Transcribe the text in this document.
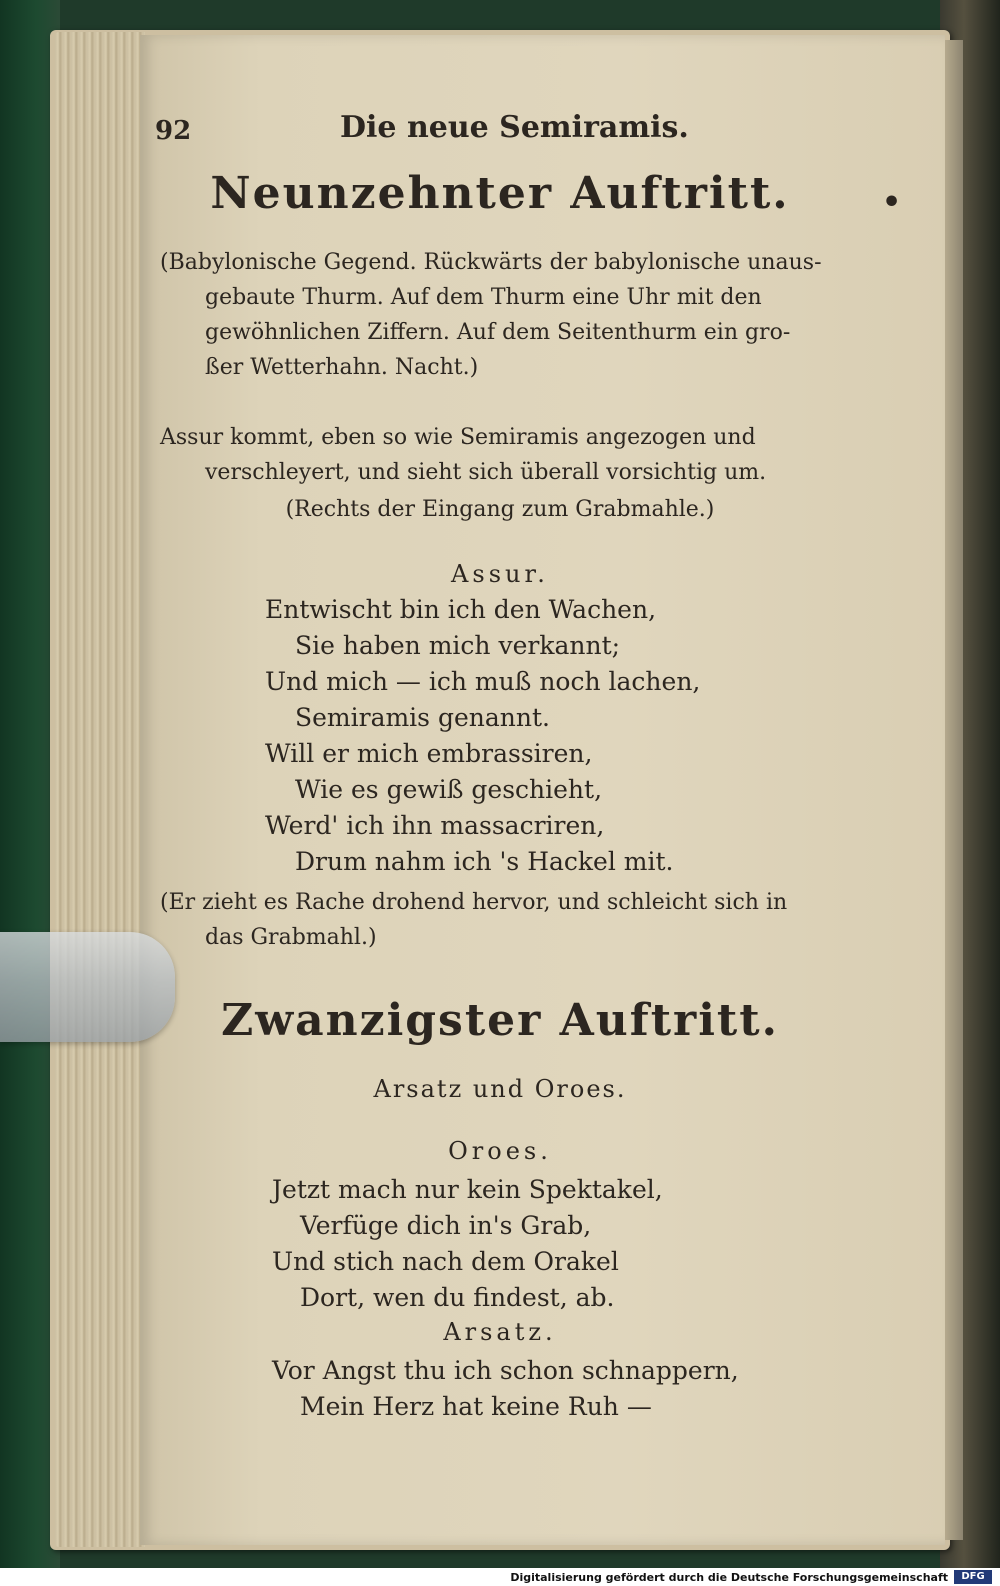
92	Die neue Semiramis.
Neunzehnter Auftritt.	•
(Babylonische Gegend. Rückwärts der babylonische unaus-
gebaute Thurm. Auf dem Thurm eine Uhr mit den
gewöhnlichen Ziffern. Auf dem Seitenthurm ein gro-
ßer Wetterhahn. Nacht.)
Assur kommt, eben so wie Semiramis angezogen und
verschleyert, und sieht sich überall vorsichtig um.
(Rechts der Eingang zum Grabmahle.)
Assur.
Entwischt bin ich den Wachen,
Sie haben mich verkannt;
Und mich — ich muß noch lachen,
Semiramis genannt.
Will er mich embrassiren,
Wie es gewiß geschieht,
Werd' ich ihn massacriren,
Drum nahm ich 's Hackel mit.
(Er zieht es Rache drohend hervor, und schleicht sich in
das Grabmahl.)
Zwanzigster Auftritt.
Arsatz und Oroes.
Oroes.
Jetzt mach nur kein Spektakel,
Verfüge dich in's Grab,
Und stich nach dem Orakel
Dort, wen du findest, ab.
Arsatz.
Vor Angst thu ich schon schnappern,
Mein Herz hat keine Ruh —
Digitalisierung gefördert durch die Deutsche Forschungsgemeinschaft	DFG
